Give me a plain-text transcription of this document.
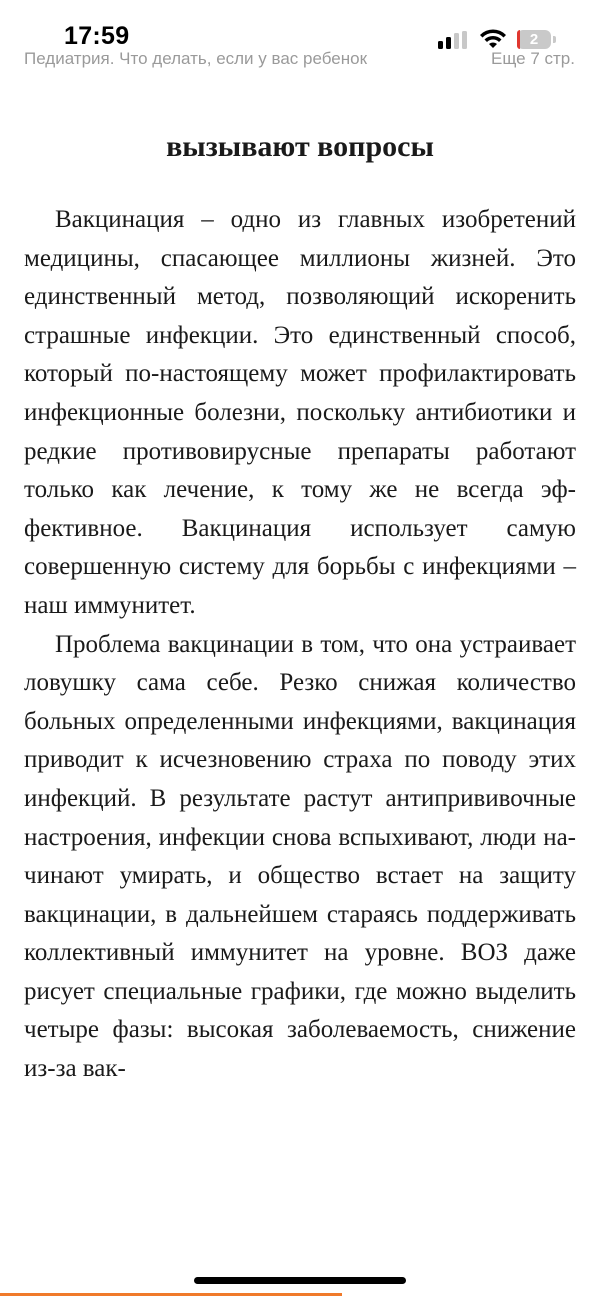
17:59	2
Педиатрия. Что делать, если у вас ребенок	Еще 7 стр.
вызывают вопросы

Вакцинация – одно из главных изобретений медицины, спасающее миллионы жизней. Это единственный метод, позволяющий искоренить страшные инфекции. Это единственный способ, который по-настоящему может профилактировать инфекционные болезни, поскольку антибиотики и редкие противовирусные препараты работают только как лечение, к тому же не всегда эффективное. Вакцинация использует самую совершенную систему для борьбы с инфекциями – наш иммунитет.

Проблема вакцинации в том, что она устраивает ловушку сама себе. Резко снижая количество больных определенными инфекциями, вакцинация приводит к исчезновению страха по поводу этих инфекций. В результате растут антипрививочные настроения, инфекции снова вспыхивают, люди начинают умирать, и общество встает на защиту вакцинации, в дальнейшем стараясь поддерживать коллективный иммунитет на уровне. ВОЗ даже рисует специальные графики, где можно выделить четыре фазы: высокая заболеваемость, снижение из-за вак-
